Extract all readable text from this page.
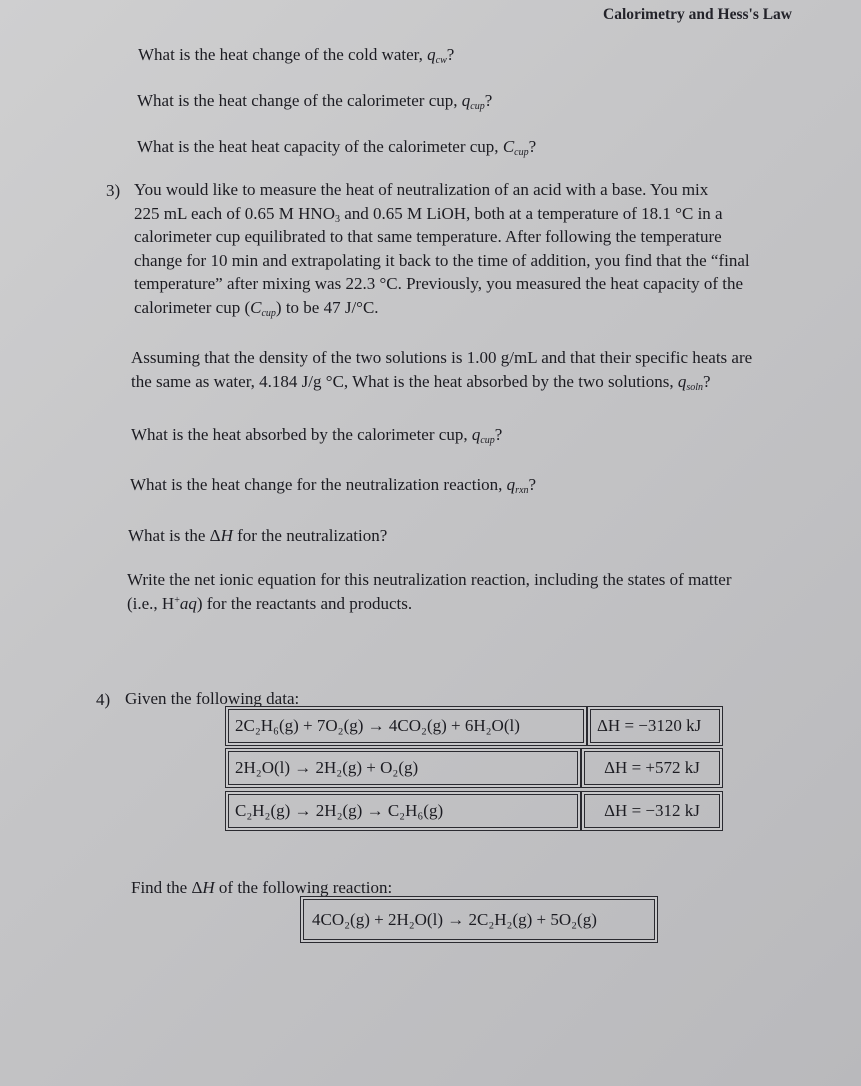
Calorimetry and Hess's Law
What is the heat change of the cold water, $q_{cw}$?
What is the heat change of the calorimeter cup, $q_{cup}$?
What is the heat heat capacity of the calorimeter cup, $C_{cup}$?
3) You would like to measure the heat of neutralization of an acid with a base. You mix
225 mL each of 0.65 M $HNO_3$ and 0.65 M LiOH, both at a temperature of 18.1 °C in a
calorimeter cup equilibrated to that same temperature. After following the temperature
change for 10 min and extrapolating it back to the time of addition, you find that the “final
temperature” after mixing was 22.3 °C. Previously, you measured the heat capacity of the
calorimeter cup $(C_{cup})$ to be 47 J/°C.
Assuming that the density of the two solutions is 1.00 g/mL and that their specific heats are
the same as water, 4.184 J/g °C, What is the heat absorbed by the two solutions, $q_{soln}$?
What is the heat absorbed by the calorimeter cup, $q_{cup}$?
What is the heat change for the neutralization reaction, $q_{rxn}$?
What is the ΔH for the neutralization?
Write the net ionic equation for this neutralization reaction, including the states of matter
(i.e., H+aq) for the reactants and products.
4) Given the following data:
2C₂H₆(g) + 7O₂(g) → 4CO₂(g) + 6H₂O(l)	ΔH = −3120 kJ
2H₂O(l) → 2H₂(g) + O₂(g)	ΔH = +572 kJ
C₂H₂(g) → 2H₂(g) → C₂H₆(g)	ΔH = −312 kJ
Find the ΔH of the following reaction:
4CO₂(g) + 2H₂O(l) → 2C₂H₂(g) + 5O₂(g)
